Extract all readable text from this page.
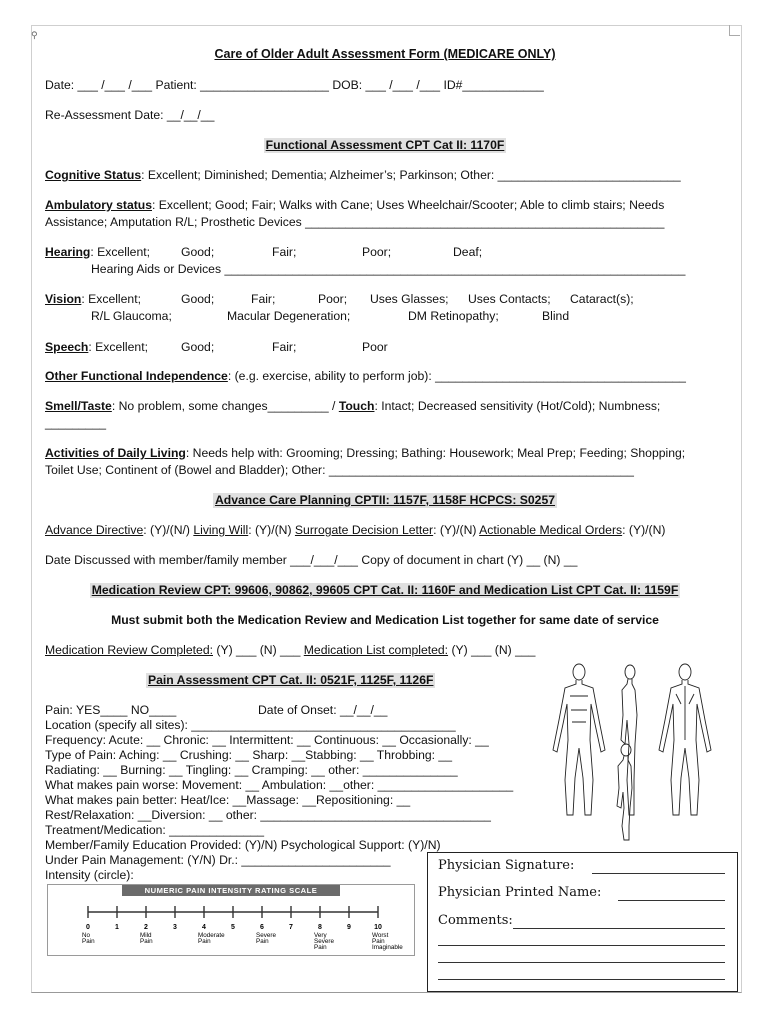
⚲
Care of Older Adult Assessment Form (MEDICARE ONLY)
Date: ___ /___ /___ Patient: ___________________ DOB: ___ /___ /___ ID#____________
Re-Assessment Date: __/__/__
Functional Assessment CPT Cat II: 1170F
Cognitive Status: Excellent; Diminished; Dementia; Alzheimer’s; Parkinson; Other: ___________________________
Ambulatory status: Excellent; Good; Fair; Walks with Cane; Uses Wheelchair/Scooter; Able to climb stairs; Needs
Assistance; Amputation R/L; Prosthetic Devices _____________________________________________________
Hearing: Excellent;	Good;	Fair;	Poor;	Deaf;
Hearing Aids or Devices ____________________________________________________________________
Vision: Excellent;	Good;	Fair;	Poor; Uses Glasses; Uses Contacts; Cataract(s);
R/L Glaucoma;	Macular Degeneration;	DM Retinopathy;	Blind
Speech: Excellent;	Good;	Fair;	Poor
Other Functional Independence: (e.g. exercise, ability to perform job): _____________________________________
Smell/Taste: No problem, some changes_________ / Touch: Intact; Decreased sensitivity (Hot/Cold); Numbness;
_________
Activities of Daily Living: Needs help with: Grooming; Dressing; Bathing: Housework; Meal Prep; Feeding; Shopping;
Toilet Use; Continent of (Bowel and Bladder); Other: _____________________________________________
Advance Care Planning CPTII: 1157F, 1158F HCPCS: S0257
Advance Directive: (Y)/(N/) Living Will: (Y)/(N) Surrogate Decision Letter: (Y)/(N) Actionable Medical Orders: (Y)/(N)
Date Discussed with member/family member ___/___/___ Copy of document in chart (Y) __ (N) __
Medication Review CPT: 99606, 90862, 99605 CPT Cat. II: 1160F and Medication List CPT Cat. II: 1159F
Must submit both the Medication Review and Medication List together for same date of service
Medication Review Completed: (Y) ___ (N) ___ Medication List completed: (Y) ___ (N) ___
Pain Assessment CPT Cat. II: 0521F, 1125F, 1126F
Pain: YES____ NO____	Date of Onset: __/__/__
Location (specify all sites): _______________________________________
Frequency: Acute: __ Chronic: __ Intermittent: __ Continuous: __ Occasionally: __
Type of Pain: Aching: __ Crushing: __ Sharp: __Stabbing: __ Throbbing: __
Radiating: __ Burning: __ Tingling: __ Cramping: __ other: ______________
What makes pain worse: Movement: __ Ambulation: __other: ____________________
What makes pain better: Heat/Ice: __Massage: __Repositioning: __
Rest/Relaxation: __Diversion: __ other: __________________________________
Treatment/Medication: ______________
Member/Family Education Provided: (Y)/N) Psychological Support: (Y)/N)
Under Pain Management: (Y/N) Dr.: ______________________
Intensity (circle):
NUMERIC PAIN INTENSITY RATING SCALE
0	1	2	3	4	5	6	7	8	9	10
No Pain
Mild Pain
Moderate Pain
Severe Pain
Very Severe Pain
Worst Pain Imaginable
Physician Signature:
Physician Printed Name:
Comments:
